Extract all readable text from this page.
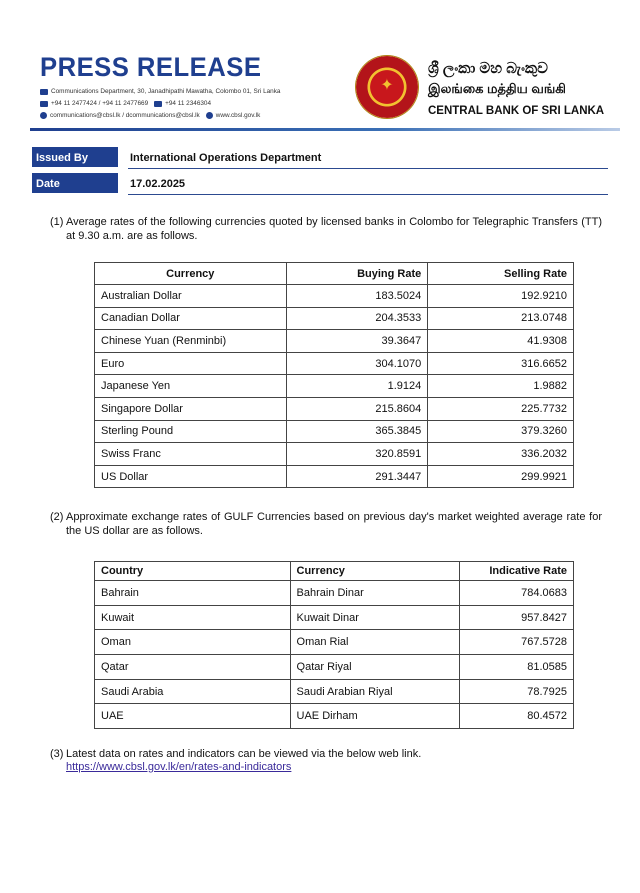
PRESS RELEASE
Communications Department, 30, Janadhipathi Mawatha, Colombo 01, Sri Lanka
+94 11 2477424 / +94 11 2477669	+94 11 2346304
communications@cbsl.lk / dcommunications@cbsl.lk	www.cbsl.gov.lk
✦
ශ්‍රී ලංකා මහ බැංකුව
இலங்கை மத்திய வங்கி
CENTRAL BANK OF SRI LANKA
Issued By	International Operations Department
Date	17.02.2025
(1) Average rates of the following currencies quoted by licensed banks in Colombo for Telegraphic Transfers (TT) at 9.30 a.m. are as follows.
Currency	Buying Rate	Selling Rate
Australian Dollar	183.5024	192.9210
Canadian Dollar	204.3533	213.0748
Chinese Yuan (Renminbi)	39.3647	41.9308
Euro	304.1070	316.6652
Japanese Yen	1.9124	1.9882
Singapore Dollar	215.8604	225.7732
Sterling Pound	365.3845	379.3260
Swiss Franc	320.8591	336.2032
US Dollar	291.3447	299.9921
(2) Approximate exchange rates of GULF Currencies based on previous day's market weighted average rate for the US dollar are as follows.
Country	Currency	Indicative Rate
Bahrain	Bahrain Dinar	784.0683
Kuwait	Kuwait Dinar	957.8427
Oman	Oman Rial	767.5728
Qatar	Qatar Riyal	81.0585
Saudi Arabia	Saudi Arabian Riyal	78.7925
UAE	UAE Dirham	80.4572
(3) Latest data on rates and indicators can be viewed via the below web link.
https://www.cbsl.gov.lk/en/rates-and-indicators
